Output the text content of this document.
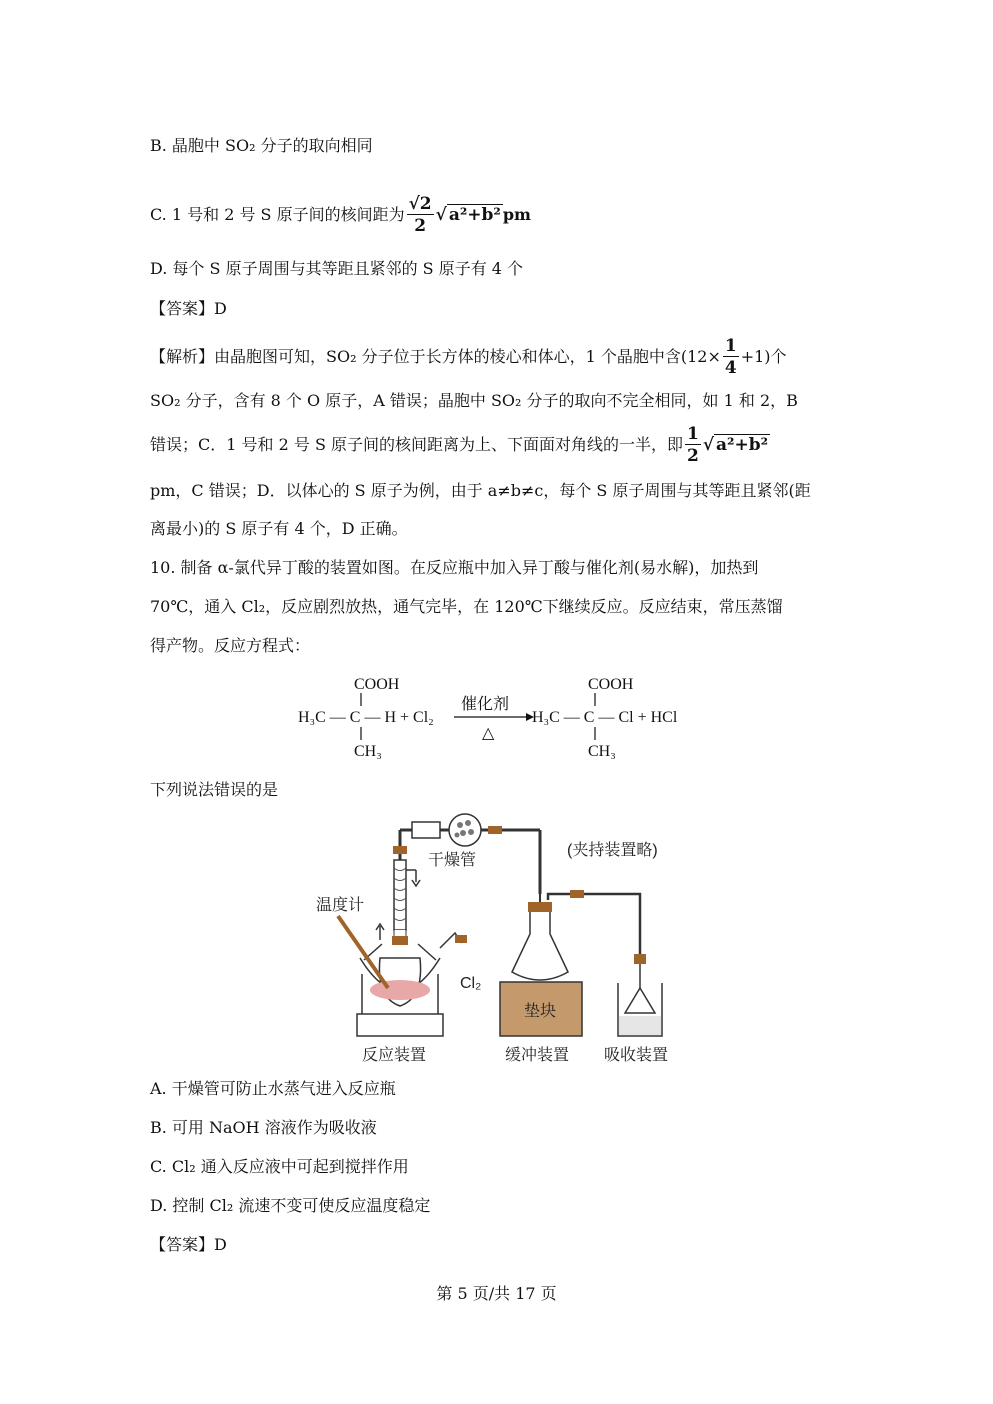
B. 晶胞中 SO₂ 分子的取向相同
C. 1 号和 2 号 S 原子间的核间距为 $\frac{√2}{2}$ √ a²+b² pm
D. 每个 S 原子周围与其等距且紧邻的 S 原子有 4 个
【答案】D
【解析】由晶胞图可知，SO₂ 分子位于长方体的棱心和体心，1 个晶胞中含$(12\times \frac{1}{4} +1)$个
SO₂ 分子，含有 8 个 O 原子，A 错误；晶胞中 SO₂ 分子的取向不完全相同，如 1 和 2，B
错误；C．1 号和 2 号 S 原子间的核间距离为上、下面面对角线的一半，即 $\frac{1}{2}$ √ a²+b²
pm，C 错误；D．以体心的 S 原子为例，由于 a≠b≠c，每个 S 原子周围与其等距且紧邻(距
离最小)的 S 原子有 4 个，D 正确。
10. 制备 α-氯代异丁酸的装置如图。在反应瓶中加入异丁酸与催化剂(易水解)，加热到
70℃，通入 Cl₂，反应剧烈放热，通气完毕，在 120℃下继续反应。反应结束，常压蒸馏
得产物。反应方程式：
COOH
H₃C — C — H + Cl₂
CH₃
催化剂
△
COOH
H₃C — C — Cl + HCl
CH₃
下列说法错误的是
干燥管
(夹持装置略)
Cl₂
温度计
反应装置
垫块
缓冲装置 吸收装置
A. 干燥管可防止水蒸气进入反应瓶
B. 可用 NaOH 溶液作为吸收液
C. Cl₂ 通入反应液中可起到搅拌作用
D. 控制 Cl₂ 流速不变可使反应温度稳定
【答案】D
第 5 页/共 17 页
